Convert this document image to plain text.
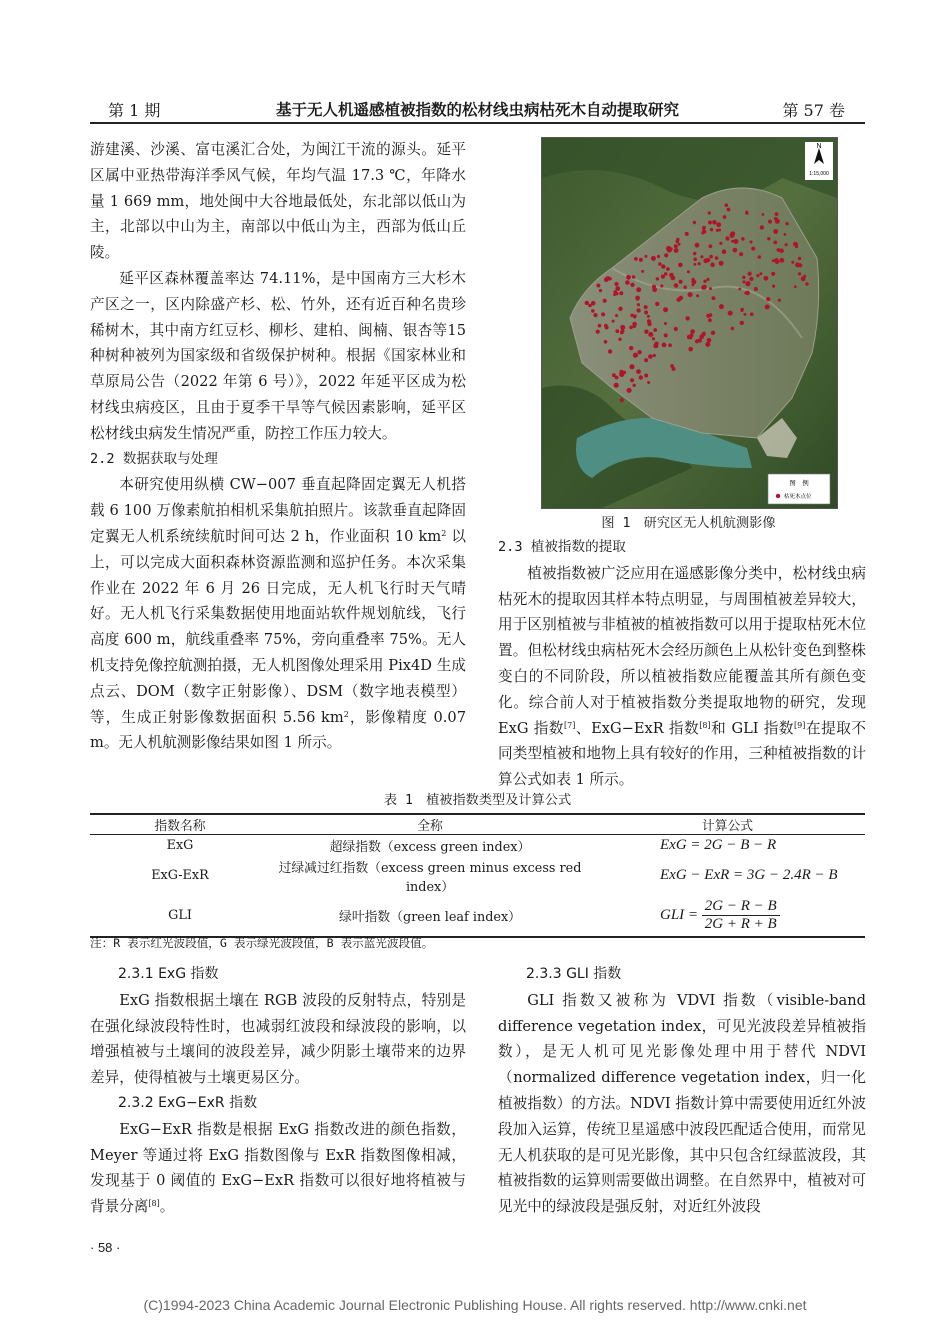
第 1 期	基于无人机遥感植被指数的松材线虫病枯死木自动提取研究	第 57 卷

游建溪、沙溪、富屯溪汇合处，为闽江干流的源头。延平区属中亚热带海洋季风气候，年均气温 17.3 ℃，年降水量 1 669 mm，地处闽中大谷地最低处，东北部以低山为主，北部以中山为主，南部以中低山为主，西部为低山丘陵。

延平区森林覆盖率达 74.11%，是中国南方三大杉木产区之一，区内除盛产杉、松、竹外，还有近百种名贵珍稀树木，其中南方红豆杉、柳杉、建柏、闽楠、银杏等15种树种被列为国家级和省级保护树种。根据《国家林业和草原局公告（2022 年第 6 号）》，2022 年延平区成为松材线虫病疫区，且由于夏季干旱等气候因素影响，延平区松材线虫病发生情况严重，防控工作压力较大。

2.2 数据获取与处理

本研究使用纵横 CW−007 垂直起降固定翼无人机搭载 6 100 万像素航拍相机采集航拍照片。该款垂直起降固定翼无人机系统续航时间可达 2 h，作业面积 10 $km^2$ 以上，可以完成大面积森林资源监测和巡护任务。本次采集作业在 2022 年 6 月 26 日完成，无人机飞行时天气晴好。无人机飞行采集数据使用地面站软件规划航线，飞行高度 600 m，航线重叠率 75%，旁向重叠率 75%。无人机支持免像控航测拍摄，无人机图像处理采用 Pix4D 生成点云、DOM（数字正射影像）、DSM（数字地表模型）等，生成正射影像数据面积 5.56 $km^2$，影像精度 0.07 m。无人机航测影像结果如图 1 所示。

N
1:15,000
图　例
枯死木点位
图 1　研究区无人机航测影像

2.3 植被指数的提取

植被指数被广泛应用在遥感影像分类中，松材线虫病枯死木的提取因其样本特点明显，与周围植被差异较大，用于区别植被与非植被的植被指数可以用于提取枯死木位置。但松材线虫病枯死木会经历颜色上从松针变色到整株变白的不同阶段，所以植被指数应能覆盖其所有颜色变化。综合前人对于植被指数分类提取地物的研究，发现 ExG 指数[7]、ExG−ExR 指数[8]和 GLI 指数[9]在提取不同类型植被和地物上具有较好的作用，三种植被指数的计算公式如表 1 所示。

表 1　植被指数类型及计算公式
指数名称	全称	计算公式
ExG	超绿指数（excess green index）	ExG = 2G − B − R
ExG-ExR	过绿减过红指数（excess green minus excess red index）	ExG − ExR = 3G − 2.4R − B
GLI	绿叶指数（green leaf index）	GLI = $\frac{2G - R - B}{2G + R + B}$
注：R 表示红光波段值，G 表示绿光波段值，B 表示蓝光波段值。

2.3.1 ExG 指数

ExG 指数根据土壤在 RGB 波段的反射特点，特别是在强化绿波段特性时，也减弱红波段和绿波段的影响，以增强植被与土壤间的波段差异，减少阴影土壤带来的边界差异，使得植被与土壤更易区分。

2.3.2 ExG−ExR 指数

ExG−ExR 指数是根据 ExG 指数改进的颜色指数，Meyer 等通过将 ExG 指数图像与 ExR 指数图像相减，发现基于 0 阈值的 ExG−ExR 指数可以很好地将植被与背景分离[8]。

2.3.3 GLI 指数

GLI 指数又被称为 VDVI 指数（visible-band difference vegetation index，可见光波段差异植被指数），是无人机可见光影像处理中用于替代 NDVI（normalized difference vegetation index，归一化植被指数）的方法。NDVI 指数计算中需要使用近红外波段加入运算，传统卫星遥感中波段匹配适合使用，而常见无人机获取的是可见光影像，其中只包含红绿蓝波段，其植被指数的运算则需要做出调整。在自然界中，植被对可见光中的绿波段是强反射，对近红外波段

· 58 ·
(C)1994-2023 China Academic Journal Electronic Publishing House. All rights reserved. http://www.cnki.net
